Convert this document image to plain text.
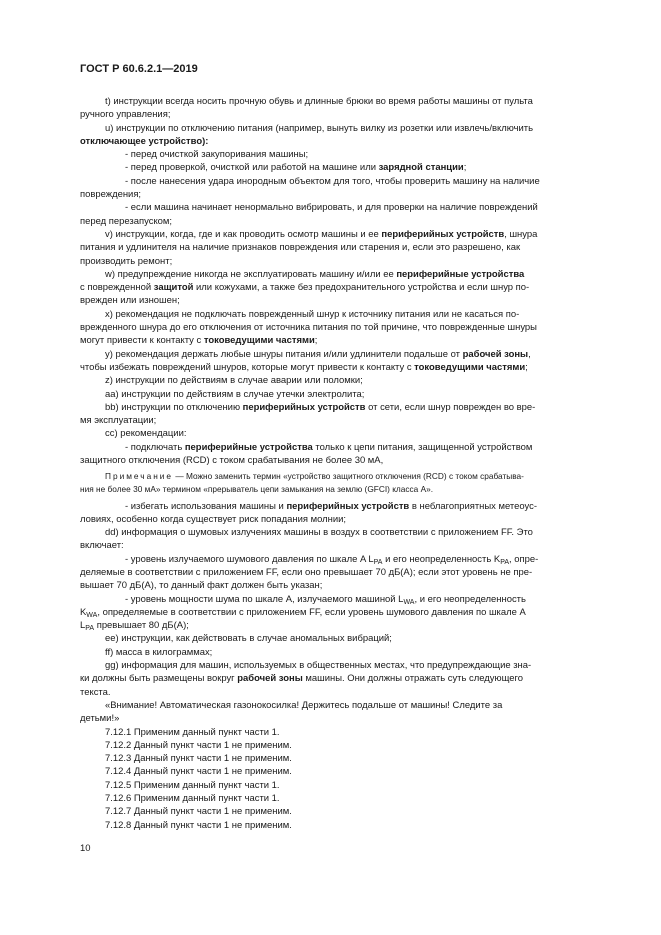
ГОСТ Р 60.6.2.1—2019
t) инструкции всегда носить прочную обувь и длинные брюки во время работы машины от пульта
ручного управления;
u) инструкции по отключению питания (например, вынуть вилку из розетки или извлечь/включить
отключающее устройство):
- перед очисткой закупоривания машины;
- перед проверкой, очисткой или работой на машине или зарядной станции;
- после нанесения удара инородным объектом для того, чтобы проверить машину на наличие
повреждения;
- если машина начинает ненормально вибрировать, и для проверки на наличие повреждений
перед перезапуском;
v) инструкции, когда, где и как проводить осмотр машины и ее периферийных устройств, шнура
питания и удлинителя на наличие признаков повреждения или старения и, если это разрешено, как
производить ремонт;
w) предупреждение никогда не эксплуатировать машину и/или ее периферийные устройства
с поврежденной защитой или кожухами, а также без предохранительного устройства и если шнур по-
врежден или изношен;
x) рекомендация не подключать поврежденный шнур к источнику питания или не касаться по-
врежденного шнура до его отключения от источника питания по той причине, что поврежденные шнуры
могут привести к контакту с токоведущими частями;
y) рекомендация держать любые шнуры питания и/или удлинители подальше от рабочей зоны,
чтобы избежать повреждений шнуров, которые могут привести к контакту с токоведущими частями;
z) инструкции по действиям в случае аварии или поломки;
aa) инструкции по действиям в случае утечки электролита;
bb) инструкции по отключению периферийных устройств от сети, если шнур поврежден во вре-
мя эксплуатации;
cc) рекомендации:
- подключать периферийные устройства только к цепи питания, защищенной устройством
защитного отключения (RCD) с током срабатывания не более 30 мА,
Примечание — Можно заменить термин «устройство защитного отключения (RCD) с током срабатыва-
ния не более 30 мА» термином «прерыватель цепи замыкания на землю (GFCI) класса А».
- избегать использования машины и периферийных устройств в неблагоприятных метеоус-
ловиях, особенно когда существует риск попадания молнии;
dd) информация о шумовых излучениях машины в воздух в соответствии с приложением FF. Это
включает:
- уровень излучаемого шумового давления по шкале A $L_{PA}$ и его неопределенность $K_{PA}$, опре-
деляемые в соответствии с приложением FF, если оно превышает 70 дБ(А); если этот уровень не пре-
вышает 70 дБ(А), то данный факт должен быть указан;
- уровень мощности шума по шкале A, излучаемого машиной $L_{WA}$, и его неопределенность
$K_{WA}$, определяемые в соответствии с приложением FF, если уровень шумового давления по шкале A
$L_{PA}$ превышает 80 дБ(А);
ee) инструкции, как действовать в случае аномальных вибраций;
ff) масса в килограммах;
gg) информация для машин, используемых в общественных местах, что предупреждающие зна-
ки должны быть размещены вокруг рабочей зоны машины. Они должны отражать суть следующего
текста.
«Внимание! Автоматическая газонокосилка! Держитесь подальше от машины! Следите за
детьми!»
7.12.1 Применим данный пункт части 1.
7.12.2 Данный пункт части 1 не применим.
7.12.3 Данный пункт части 1 не применим.
7.12.4 Данный пункт части 1 не применим.
7.12.5 Применим данный пункт части 1.
7.12.6 Применим данный пункт части 1.
7.12.7 Данный пункт части 1 не применим.
7.12.8 Данный пункт части 1 не применим.
10
